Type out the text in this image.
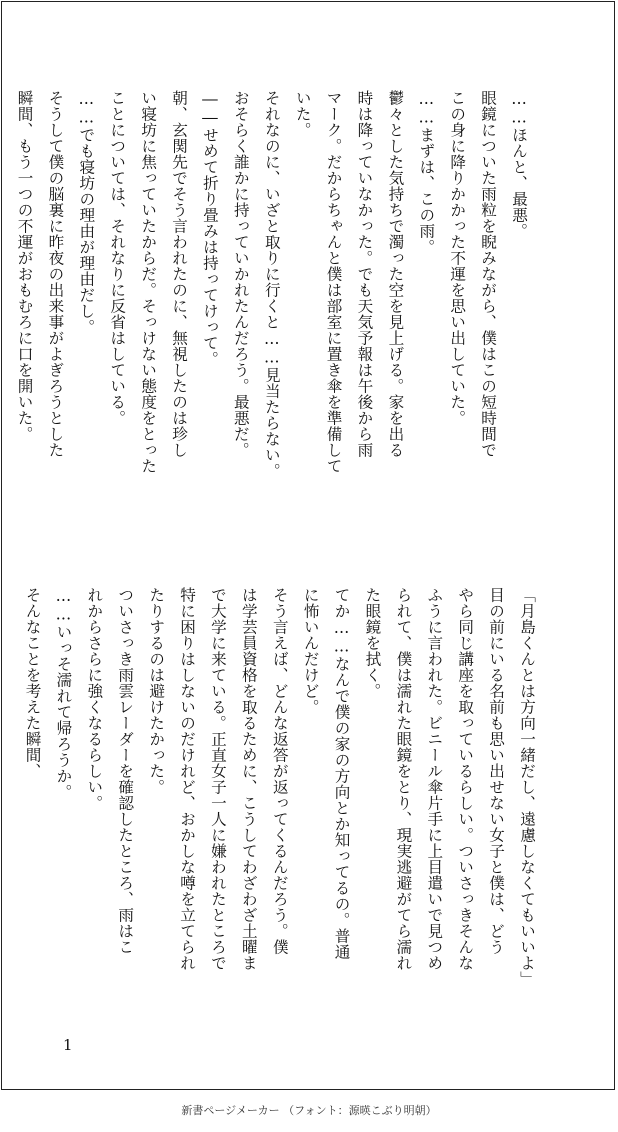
……ほんと、最悪。
眼鏡についた雨粒を睨みながら、僕はこの短時間で
この身に降りかかった不運を思い出していた。
……まずは、この雨。
鬱々とした気持ちで濁った空を見上げる。家を出る
時は降っていなかった。でも天気予報は午後から雨
マーク。だからちゃんと僕は部室に置き傘を準備して
いた。
それなのに、いざと取りに行くと……見当たらない。
おそらく誰かに持っていかれたんだろう。最悪だ。
――せめて折り畳みは持ってけって。
朝、玄関先でそう言われたのに、無視したのは珍し
い寝坊に焦っていたからだ。そっけない態度をとった
ことについては、それなりに反省はしている。
……でも寝坊の理由が理由だし。
そうして僕の脳裏に昨夜の出来事がよぎろうとした
瞬間、もう一つの不運がおもむろに口を開いた。

「月島くんとは方向一緒だし、遠慮しなくてもいいよ」
目の前にいる名前も思い出せない女子と僕は、どう
やら同じ講座を取っているらしい。ついさっきそんな
ふうに言われた。ビニール傘片手に上目遣いで見つめ
られて、僕は濡れた眼鏡をとり、現実逃避がてら濡れ
た眼鏡を拭く。
てか……なんで僕の家の方向とか知ってるの。普通
に怖いんだけど。
そう言えば、どんな返答が返ってくるんだろう。僕
は学芸員資格を取るために、こうしてわざわざ土曜ま
で大学に来ている。正直女子一人に嫌われたところで
特に困りはしないのだけれど、おかしな噂を立てられ
たりするのは避けたかった。
ついさっき雨雲レーダーを確認したところ、雨はこ
れからさらに強くなるらしい。
……いっそ濡れて帰ろうか。
そんなことを考えた瞬間、

1
新書ページメーカー （フォント：源暎こぶり明朝）
